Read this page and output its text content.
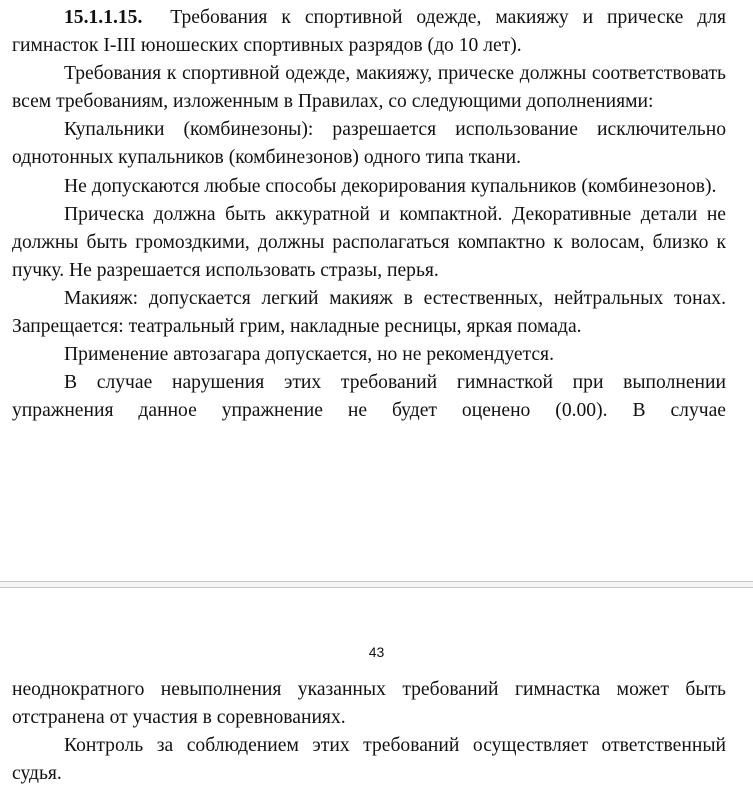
15.1.1.15. Требования к спортивной одежде, макияжу и прическе для гимнасток I-III юношеских спортивных разрядов (до 10 лет).

Требования к спортивной одежде, макияжу, прическе должны соответствовать всем требованиям, изложенным в Правилах, со следующими дополнениями:

Купальники (комбинезоны): разрешается использование исключительно однотонных купальников (комбинезонов) одного типа ткани.

Не допускаются любые способы декорирования купальников (комбинезонов).

Прическа должна быть аккуратной и компактной. Декоративные детали не должны быть громоздкими, должны располагаться компактно к волосам, близко к пучку. Не разрешается использовать стразы, перья.

Макияж: допускается легкий макияж в естественных, нейтральных тонах. Запрещается: театральный грим, накладные ресницы, яркая помада.

Применение автозагара допускается, но не рекомендуется.

В случае нарушения этих требований гимнасткой при выполнении упражнения данное упражнение не будет оценено (0.00). В случае

43

неоднократного невыполнения указанных требований гимнастка может быть отстранена от участия в соревнованиях.

Контроль за соблюдением этих требований осуществляет ответственный судья.
